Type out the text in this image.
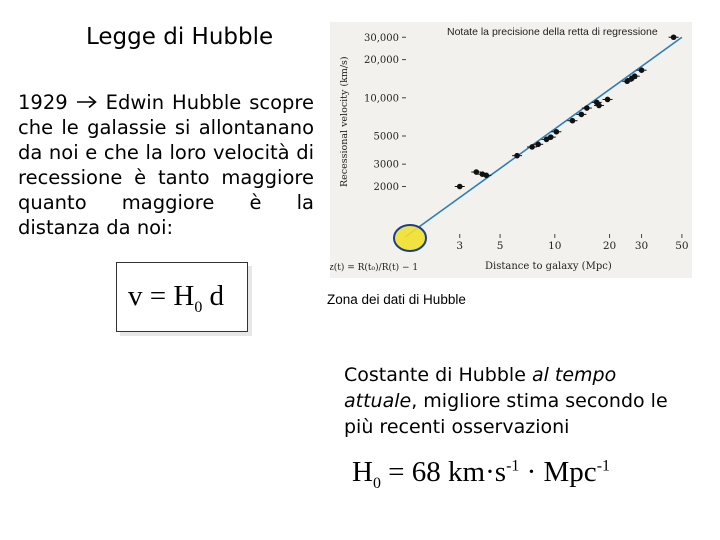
Legge di Hubble
1929 Edwin Hubble scopre che le galassie si allontanano da noi e che la loro velocità di recessione è tanto maggiore quanto maggiore è la distanza da noi:
$v = H_0$ d
2000
3000
5000
10,000
20,000
30,000
3	5	10	20 30	50
Recessional velocity (km/s)
Distance to galaxy (Mpc)
z(t) = R(t₀)/R(t) − 1
Notate la precisione della retta di regressione
Zona dei dati di Hubble
Costante di Hubble al tempo attuale, migliore stima secondo le più recenti osservazioni
$H_0 = 68$ $km\cdot s^{-1} \cdot Mpc^{-1}$
